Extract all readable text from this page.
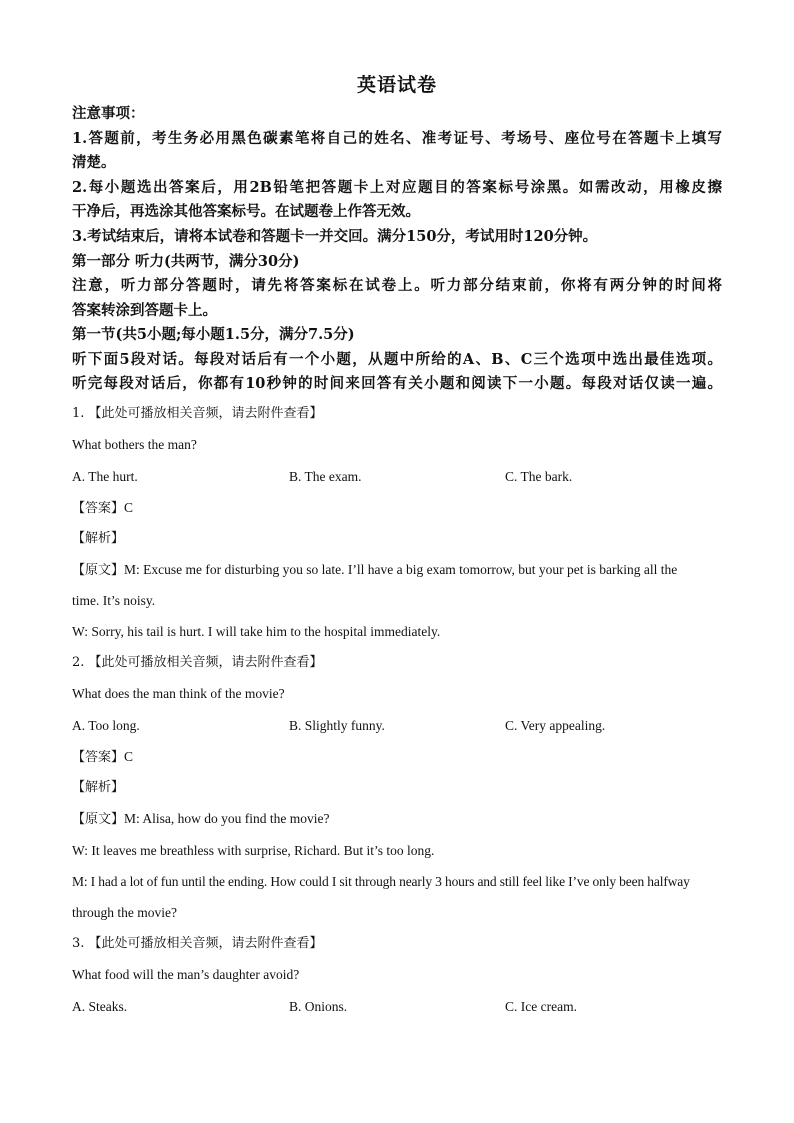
英语试卷
注意事项：
1.答题前，考生务必用黑色碳素笔将自己的姓名、准考证号、考场号、座位号在答题卡上填写
清楚。
2.每小题选出答案后，用2B铅笔把答题卡上对应题目的答案标号涂黑。如需改动，用橡皮擦
干净后，再选涂其他答案标号。在试题卷上作答无效。
3.考试结束后，请将本试卷和答题卡一并交回。满分150分，考试用时120分钟。
第一部分 听力(共两节，满分30分)
注意，听力部分答题时，请先将答案标在试卷上。听力部分结束前，你将有两分钟的时间将
答案转涂到答题卡上。
第一节(共5小题;每小题1.5分，满分7.5分)
听下面5段对话。每段对话后有一个小题，从题中所给的A、B、C三个选项中选出最佳选项。
听完每段对话后，你都有10秒钟的时间来回答有关小题和阅读下一小题。每段对话仅读一遍。
1. 【此处可播放相关音频，请去附件查看】
What bothers the man?
A. The hurt.	B. The exam.	C. The bark.
【答案】C
【解析】
【原文】M: Excuse me for disturbing you so late. I’ll have a big exam tomorrow, but your pet is barking all the
time. It’s noisy.
W: Sorry, his tail is hurt. I will take him to the hospital immediately.
2. 【此处可播放相关音频，请去附件查看】
What does the man think of the movie?
A. Too long.	B. Slightly funny.	C. Very appealing.
【答案】C
【解析】
【原文】M: Alisa, how do you find the movie?
W: It leaves me breathless with surprise, Richard. But it’s too long.
M: I had a lot of fun until the ending. How could I sit through nearly 3 hours and still feel like I’ve only been halfway
through the movie?
3. 【此处可播放相关音频，请去附件查看】
What food will the man’s daughter avoid?
A. Steaks.	B. Onions.	C. Ice cream.
